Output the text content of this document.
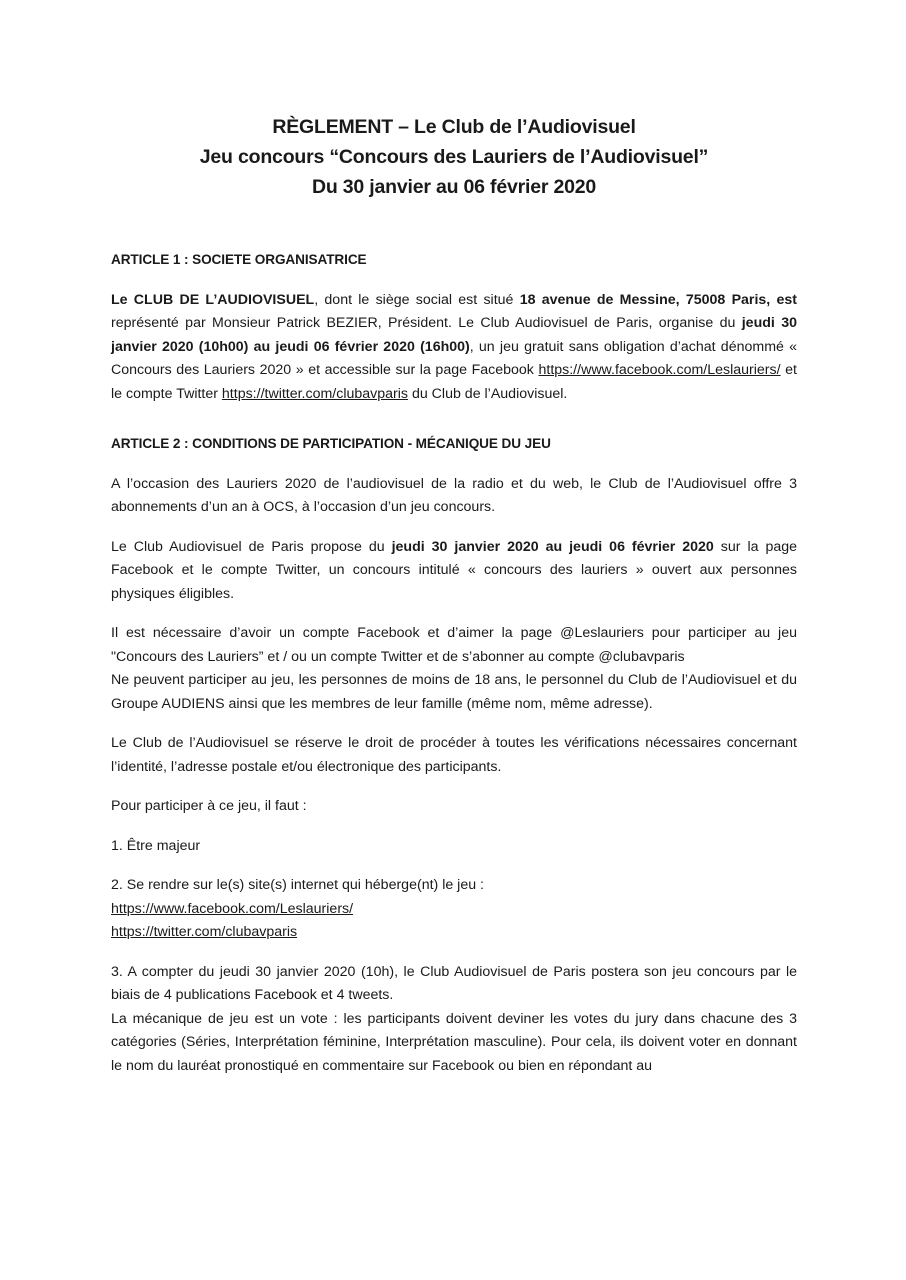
RÈGLEMENT – Le Club de l’Audiovisuel
Jeu concours “Concours des Lauriers de l’Audiovisuel”
Du 30 janvier au 06 février 2020
ARTICLE 1 : SOCIETE ORGANISATRICE

Le CLUB DE L’AUDIOVISUEL, dont le siège social est situé 18 avenue de Messine, 75008 Paris, est représenté par Monsieur Patrick BEZIER, Président. Le Club Audiovisuel de Paris, organise du jeudi 30 janvier 2020 (10h00) au jeudi 06 février 2020 (16h00), un jeu gratuit sans obligation d’achat dénommé « Concours des Lauriers 2020 » et accessible sur la page Facebook https://www.facebook.com/Leslauriers/ et le compte Twitter https://twitter.com/clubavparis du Club de l’Audiovisuel.

ARTICLE 2 : CONDITIONS DE PARTICIPATION - MÉCANIQUE DU JEU

A l’occasion des Lauriers 2020 de l’audiovisuel de la radio et du web, le Club de l’Audiovisuel offre 3 abonnements d’un an à OCS, à l’occasion d’un jeu concours.

Le Club Audiovisuel de Paris propose du jeudi 30 janvier 2020 au jeudi 06 février 2020 sur la page Facebook et le compte Twitter, un concours intitulé « concours des lauriers » ouvert aux personnes physiques éligibles.

Il est nécessaire d’avoir un compte Facebook et d’aimer la page @Leslauriers pour participer au jeu "Concours des Lauriers” et / ou un compte Twitter et de s’abonner au compte @clubavparis
Ne peuvent participer au jeu, les personnes de moins de 18 ans, le personnel du Club de l’Audiovisuel et du Groupe AUDIENS ainsi que les membres de leur famille (même nom, même adresse).

Le Club de l’Audiovisuel se réserve le droit de procéder à toutes les vérifications nécessaires concernant l’identité, l’adresse postale et/ou électronique des participants.

Pour participer à ce jeu, il faut :

1. Être majeur

2. Se rendre sur le(s) site(s) internet qui héberge(nt) le jeu :
https://www.facebook.com/Leslauriers/
https://twitter.com/clubavparis

3. A compter du jeudi 30 janvier 2020 (10h), le Club Audiovisuel de Paris postera son jeu concours par le biais de 4 publications Facebook et 4 tweets.
La mécanique de jeu est un vote : les participants doivent deviner les votes du jury dans chacune des 3 catégories (Séries, Interprétation féminine, Interprétation masculine). Pour cela, ils doivent voter en donnant le nom du lauréat pronostiqué en commentaire sur Facebook ou bien en répondant au
